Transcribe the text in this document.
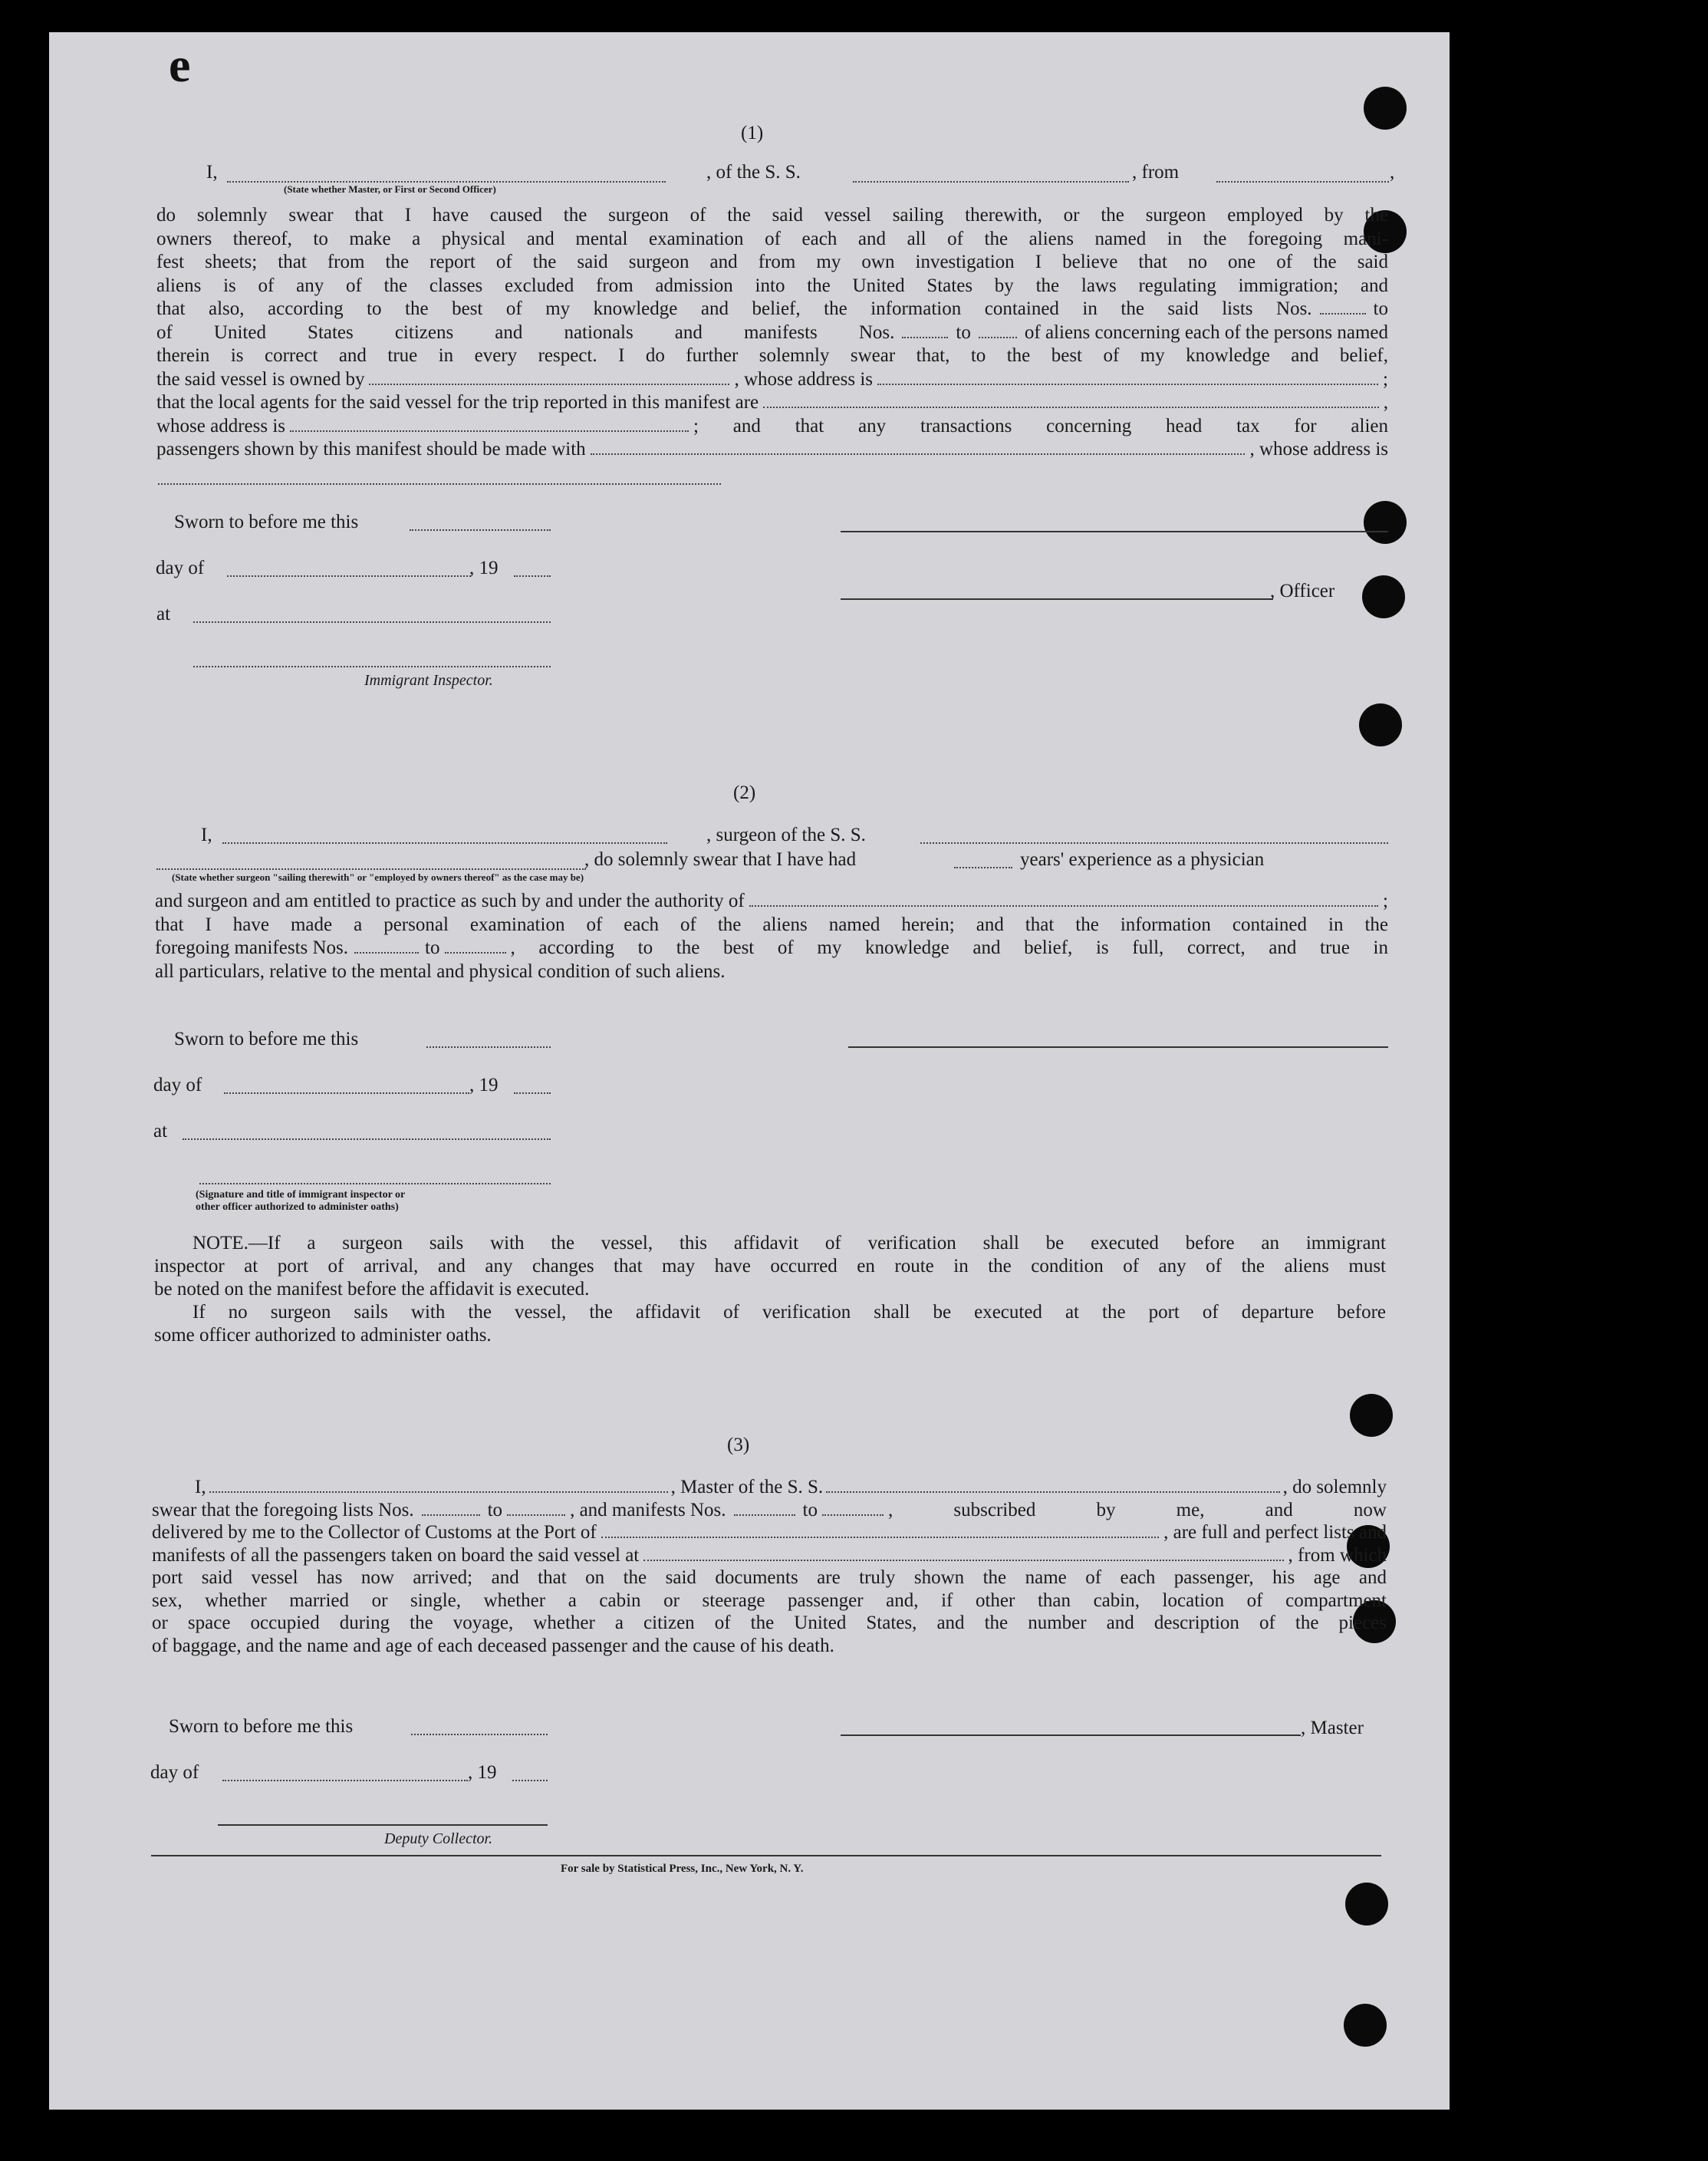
e
(1)
I,	, of the S. S.	, from	,
(State whether Master, or First or Second Officer)
do solemnly swear that I have caused the surgeon of the said vessel sailing therewith, or the surgeon employed by the
owners thereof, to make a physical and mental examination of each and all of the aliens named in the foregoing mani-
fest sheets; that from the report of the said surgeon and from my own investigation I believe that no one of the said
aliens is of any of the classes excluded from admission into the United States by the laws regulating immigration; and
that also, according to the best of my knowledge and belief, the information contained in the said lists Nos.	to
of United States citizens and nationals and manifests Nos.	to	of aliens concerning each of the persons named
therein is correct and true in every respect. I do further solemnly swear that, to the best of my knowledge and belief,
the said vessel is owned by	, whose address is	;
that the local agents for the said vessel for the trip reported in this manifest are	,
whose address is	; and that any transactions concerning head tax for alien
passengers shown by this manifest should be made with	, whose address is
Sworn to before me this
day of	, 19
, Officer
at
Immigrant Inspector.
(2)
I,	, surgeon of the S. S.
, do solemnly swear that I have had	years' experience as a physician
(State whether surgeon "sailing therewith" or "employed by owners thereof" as the case may be)
and surgeon and am entitled to practice as such by and under the authority of	;
that I have made a personal examination of each of the aliens named herein; and that the information contained in the
foregoing manifests Nos.	to	, according to the best of my knowledge and belief, is full, correct, and true in
all particulars, relative to the mental and physical condition of such aliens.
Sworn to before me this
day of	, 19
at
(Signature and title of immigrant inspector or
other officer authorized to administer oaths)
NOTE.—If a surgeon sails with the vessel, this affidavit of verification shall be executed before an immigrant
inspector at port of arrival, and any changes that may have occurred en route in the condition of any of the aliens must
be noted on the manifest before the affidavit is executed.
If no surgeon sails with the vessel, the affidavit of verification shall be executed at the port of departure before
some officer authorized to administer oaths.
(3)
I,	, Master of the S. S.	, do solemnly
swear that the foregoing lists Nos.	to	, and manifests Nos.	to	, subscribed by me, and now
delivered by me to the Collector of Customs at the Port of	, are full and perfect lists and
manifests of all the passengers taken on board the said vessel at	, from which
port said vessel has now arrived; and that on the said documents are truly shown the name of each passenger, his age and
sex, whether married or single, whether a cabin or steerage passenger and, if other than cabin, location of compartment
or space occupied during the voyage, whether a citizen of the United States, and the number and description of the pieces
of baggage, and the name and age of each deceased passenger and the cause of his death.
Sworn to before me this	, Master
day of	, 19
Deputy Collector.
For sale by Statistical Press, Inc., New York, N. Y.
